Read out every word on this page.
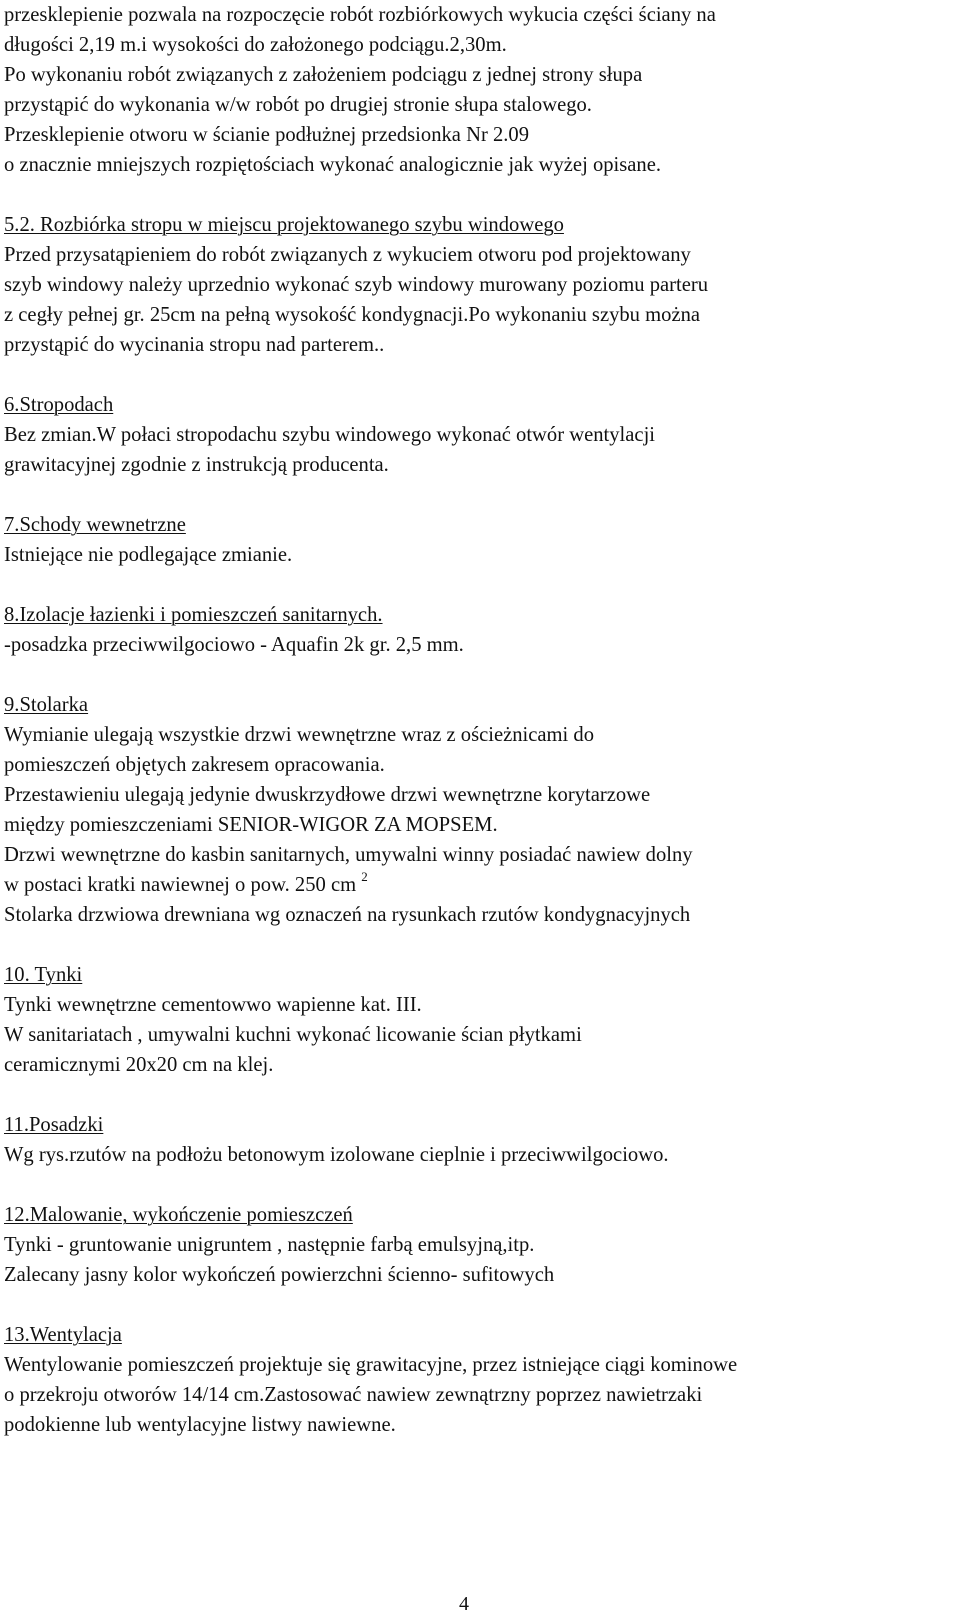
przesklepienie pozwala na rozpoczęcie robót rozbiórkowych wykucia części ściany na
długości 2,19 m.i wysokości do założonego podciągu.2,30m.
Po wykonaniu robót związanych z założeniem podciągu z jednej strony słupa
przystąpić do wykonania w/w robót po drugiej stronie słupa stalowego.
Przesklepienie otworu w ścianie podłużnej przedsionka Nr 2.09
o znacznie mniejszych rozpiętościach wykonać analogicznie jak wyżej opisane.
5.2. Rozbiórka stropu w miejscu projektowanego szybu windowego
Przed przysatąpieniem do robót związanych z wykuciem otworu pod projektowany
szyb windowy należy uprzednio wykonać szyb windowy murowany poziomu parteru
z cegły pełnej gr. 25cm na pełną wysokość kondygnacji.Po wykonaniu szybu można
przystąpić do wycinania stropu nad parterem..
6.Stropodach
Bez zmian.W połaci stropodachu szybu windowego wykonać otwór wentylacji
grawitacyjnej zgodnie z instrukcją producenta.
7.Schody wewnetrzne
Istniejące nie podlegające zmianie.
8.Izolacje łazienki i pomieszczeń sanitarnych.
-posadzka przeciwwilgociowo - Aquafin 2k gr. 2,5 mm.
9.Stolarka
Wymianie ulegają wszystkie drzwi wewnętrzne wraz z ościeżnicami do
pomieszczeń objętych zakresem opracowania.
Przestawieniu ulegają jedynie dwuskrzydłowe drzwi wewnętrzne korytarzowe
między pomieszczeniami SENIOR-WIGOR ZA MOPSEM.
Drzwi wewnętrzne do kasbin sanitarnych, umywalni winny posiadać nawiew dolny
w postaci kratki nawiewnej o pow. 250 cm $^2$
Stolarka drzwiowa drewniana wg oznaczeń na rysunkach rzutów kondygnacyjnych
10. Tynki
Tynki wewnętrzne cementowwo wapienne kat. III.
W sanitariatach , umywalni kuchni wykonać licowanie ścian płytkami
ceramicznymi 20x20 cm na klej.
11.Posadzki
Wg rys.rzutów na podłożu betonowym izolowane cieplnie i przeciwwilgociowo.
12.Malowanie, wykończenie pomieszczeń
Tynki - gruntowanie unigruntem , następnie farbą emulsyjną,itp.
Zalecany jasny kolor wykończeń powierzchni ścienno- sufitowych
13.Wentylacja
Wentylowanie pomieszczeń projektuje się grawitacyjne, przez istniejące ciągi kominowe
o przekroju otworów 14/14 cm.Zastosować nawiew zewnątrzny poprzez nawietrzaki
podokienne lub wentylacyjne listwy nawiewne.
4
